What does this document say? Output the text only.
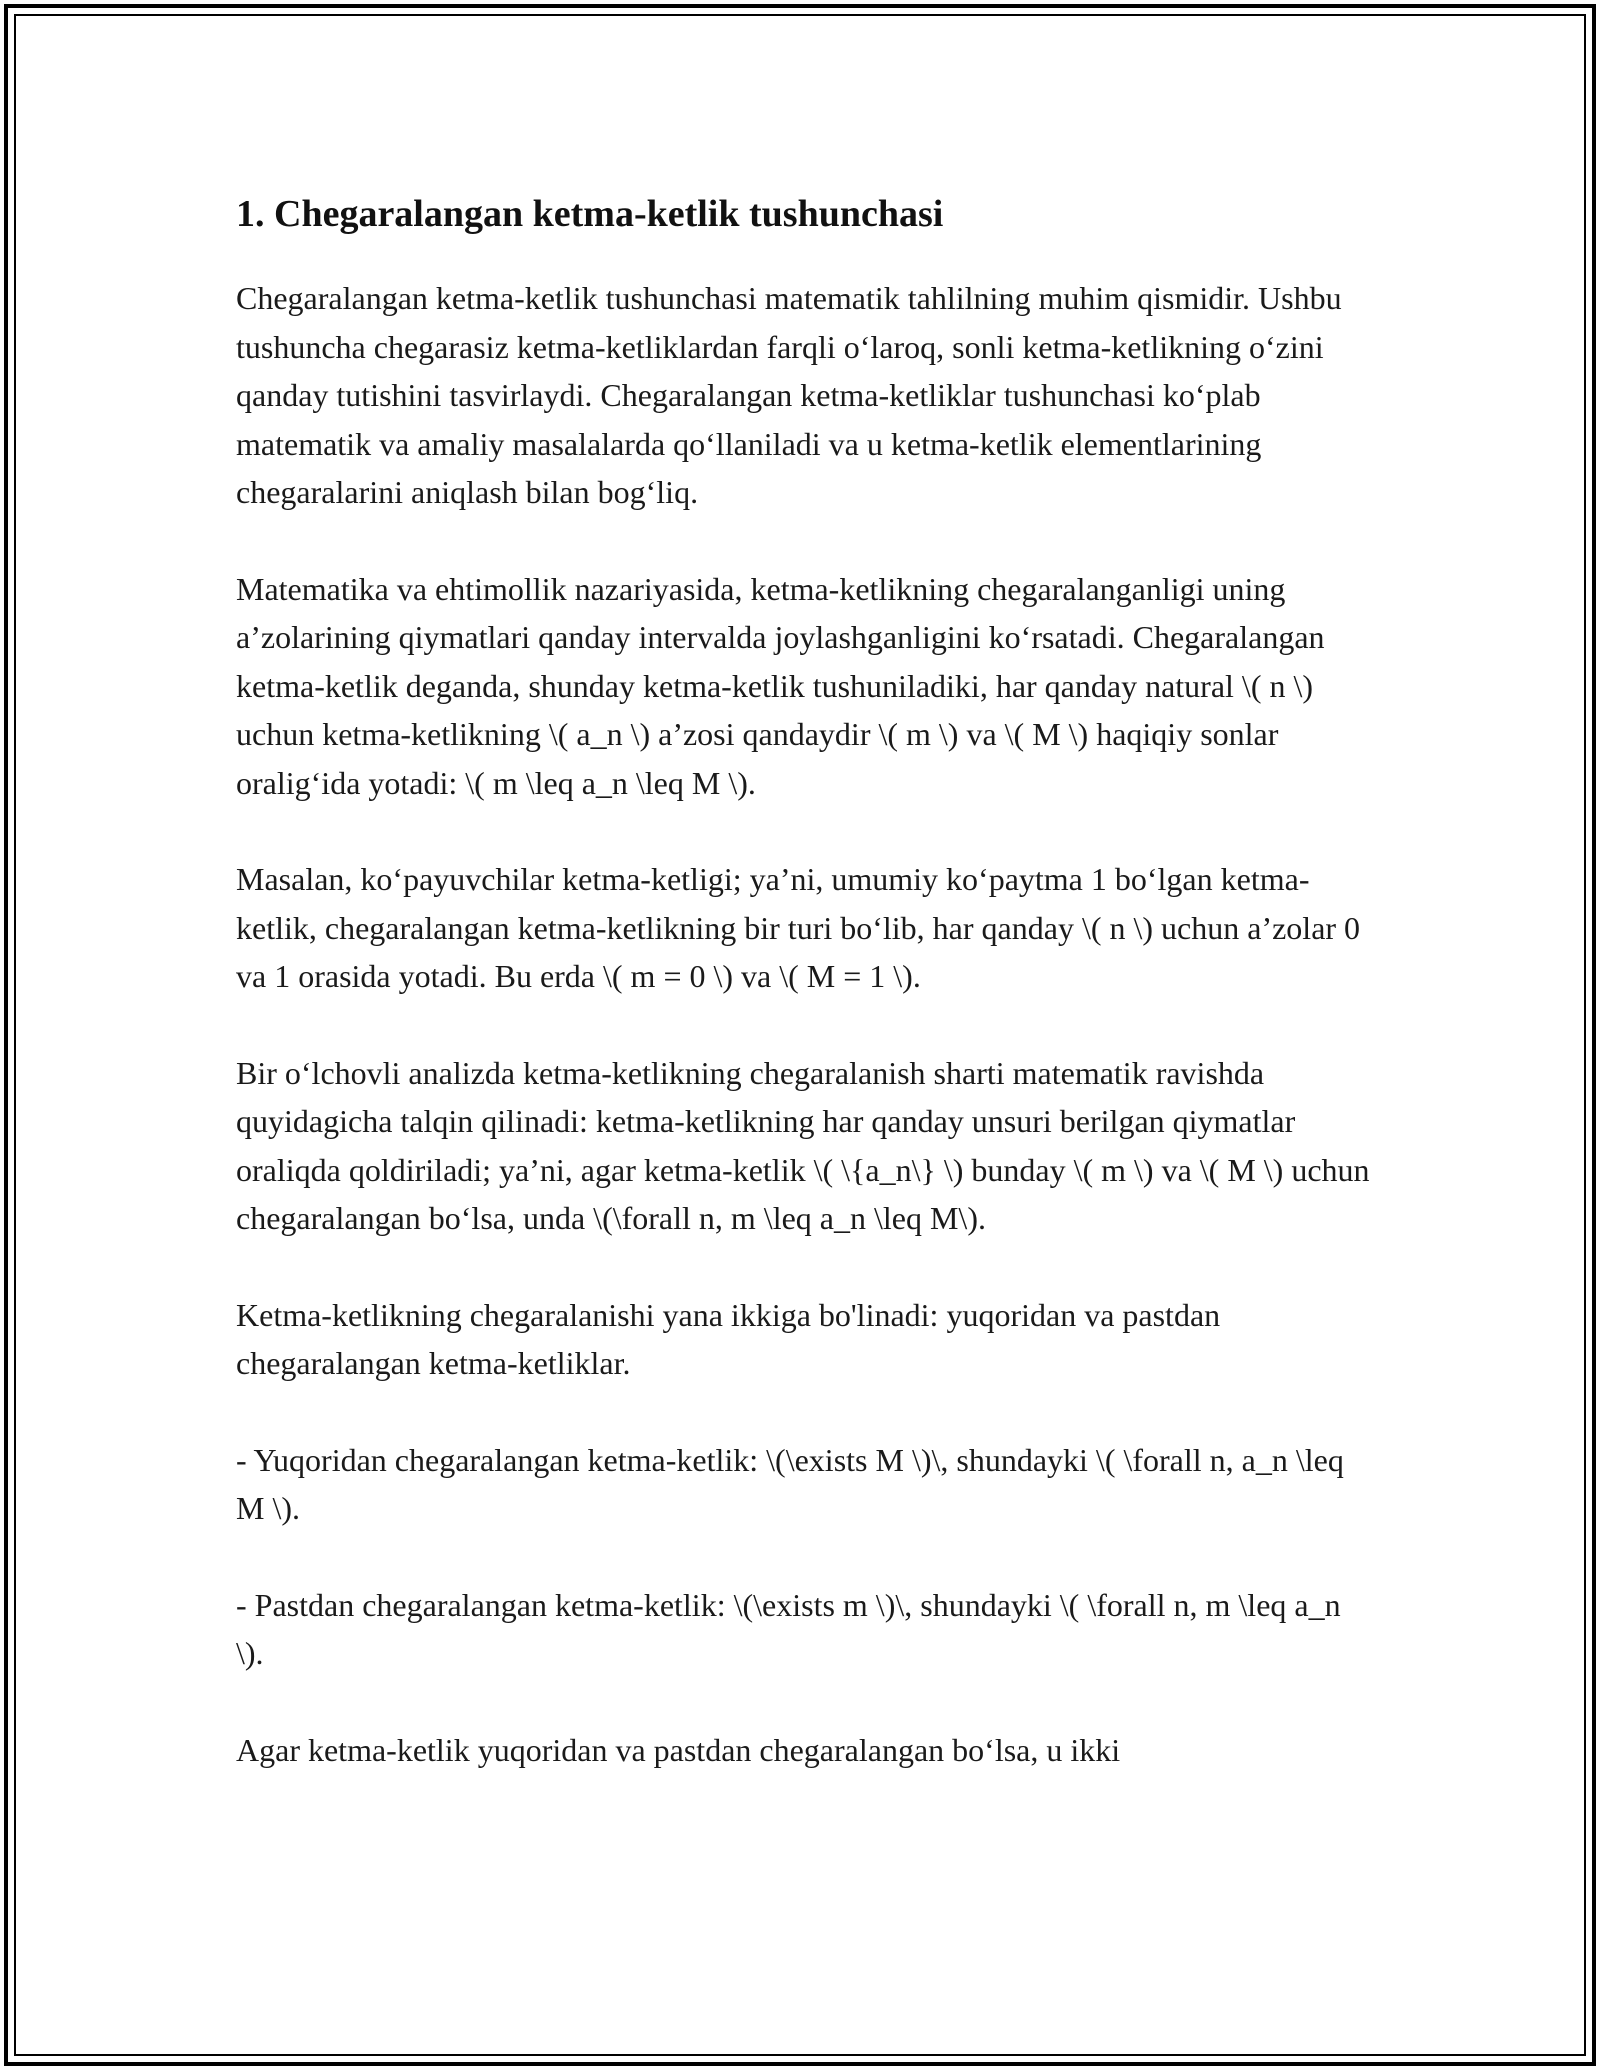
1. Chegaralangan ketma-ketlik tushunchasi

Chegaralangan ketma-ketlik tushunchasi matematik tahlilning muhim qismidir. Ushbu tushuncha chegarasiz ketma-ketliklardan farqli o‘laroq, sonli ketma-ketlikning o‘zini qanday tutishini tasvirlaydi. Chegaralangan ketma-ketliklar tushunchasi ko‘plab matematik va amaliy masalalarda qo‘llaniladi va u ketma-ketlik elementlarining chegaralarini aniqlash bilan bog‘liq.

Matematika va ehtimollik nazariyasida, ketma-ketlikning chegaralanganligi uning a’zolarining qiymatlari qanday intervalda joylashganligini ko‘rsatadi. Chegaralangan ketma-ketlik deganda, shunday ketma-ketlik tushuniladiki, har qanday natural \( n \) uchun ketma-ketlikning \( a_n \) a’zosi qandaydir \( m \) va \( M \) haqiqiy sonlar oralig‘ida yotadi: \( m \leq a_n \leq M \).

Masalan, ko‘payuvchilar ketma-ketligi; ya’ni, umumiy ko‘paytma 1 bo‘lgan ketma-ketlik, chegaralangan ketma-ketlikning bir turi bo‘lib, har qanday \( n \) uchun a’zolar 0 va 1 orasida yotadi. Bu erda \( m = 0 \) va \( M = 1 \).

Bir o‘lchovli analizda ketma-ketlikning chegaralanish sharti matematik ravishda quyidagicha talqin qilinadi: ketma-ketlikning har qanday unsuri berilgan qiymatlar oraliqda qoldiriladi; ya’ni, agar ketma-ketlik \( \{a_n\} \) bunday \( m \) va \( M \) uchun chegaralangan bo‘lsa, unda \(\forall n, m \leq a_n \leq M\).

Ketma-ketlikning chegaralanishi yana ikkiga bo'linadi: yuqoridan va pastdan chegaralangan ketma-ketliklar.

- Yuqoridan chegaralangan ketma-ketlik: \(\exists M \)\, shundayki \( \forall n, a_n \leq M \).

- Pastdan chegaralangan ketma-ketlik: \(\exists m \)\, shundayki \( \forall n, m \leq a_n \).

Agar ketma-ketlik yuqoridan va pastdan chegaralangan bo‘lsa, u ikki
